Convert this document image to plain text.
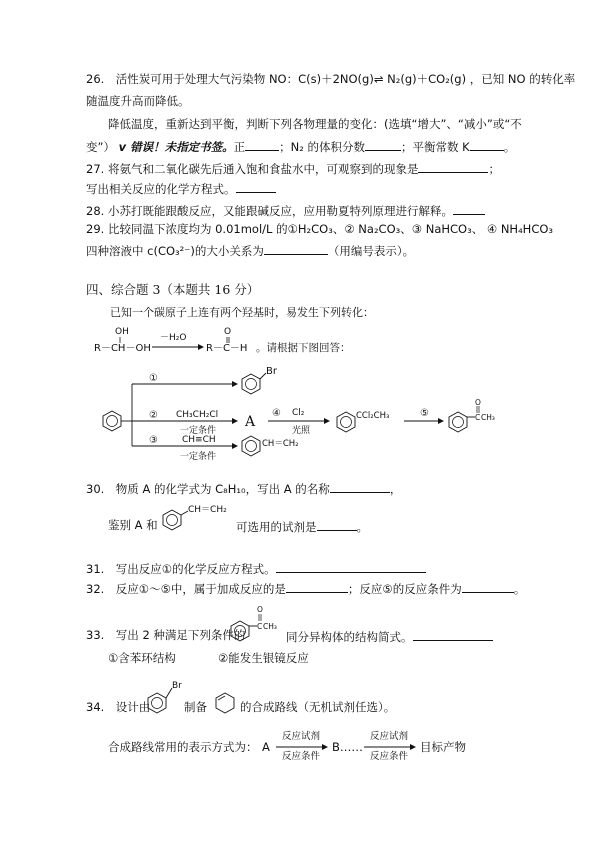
26.　活性炭可用于处理大气污染物 NO：C(s)＋2NO(g)⇌ N₂(g)＋CO₂(g) ，已知 NO 的转化率
随温度升高而降低。
降低温度，重新达到平衡，判断下列各物理量的变化：(选填“增大”、“减小”或“不
变”） v 错误！未指定书签。正	；N₂ 的体积分数	；平衡常数 K	。
27. 将氨气和二氧化碳先后通入饱和食盐水中，可观察到的现象是	；
写出相关反应的化学方程式。
28. 小苏打既能跟酸反应，又能跟碱反应，应用勒夏特列原理进行解释。
29. 比较同温下浓度均为 0.01mol/L 的①H₂CO₃、② Na₂CO₃、③ NaHCO₃、 ④ NH₄HCO₃
四种溶液中 c(CO₃²⁻)的大小关系为	（用编号表示）。
四、综合题 3（本题共 16 分）
已知一个碳原子上连有两个羟基时，易发生下列转化：
OH
R－CH－OH
－H₂O
O
R－C－H 。请根据下图回答：
①
Br
② CH₃CH₂Cl
一定条件
A
④ Cl₂
光照
CCl₂CH₃	⑤
O
C CH₃
③	CH≡CH
一定条件
CH＝CH₂
CH＝CH₂
O
C CH₃
Br
30.　物质 A 的化学式为 C₈H₁₀，写出 A 的名称	，
鉴别 A 和	可选用的试剂是	。
31.　写出反应①的化学反应方程式。
32.　反应①～⑤中，属于加成反应的是	；反应⑤的反应条件为	。
33.　写出 2 种满足下列条件的	同分异构体的结构简式。
①含苯环结构	②能发生银镜反应
34.　设计由	制备	的合成路线（无机试剂任选）。
合成路线常用的表示方式为： A
反应试剂
反应条件
B……
反应试剂
反应条件
目标产物
